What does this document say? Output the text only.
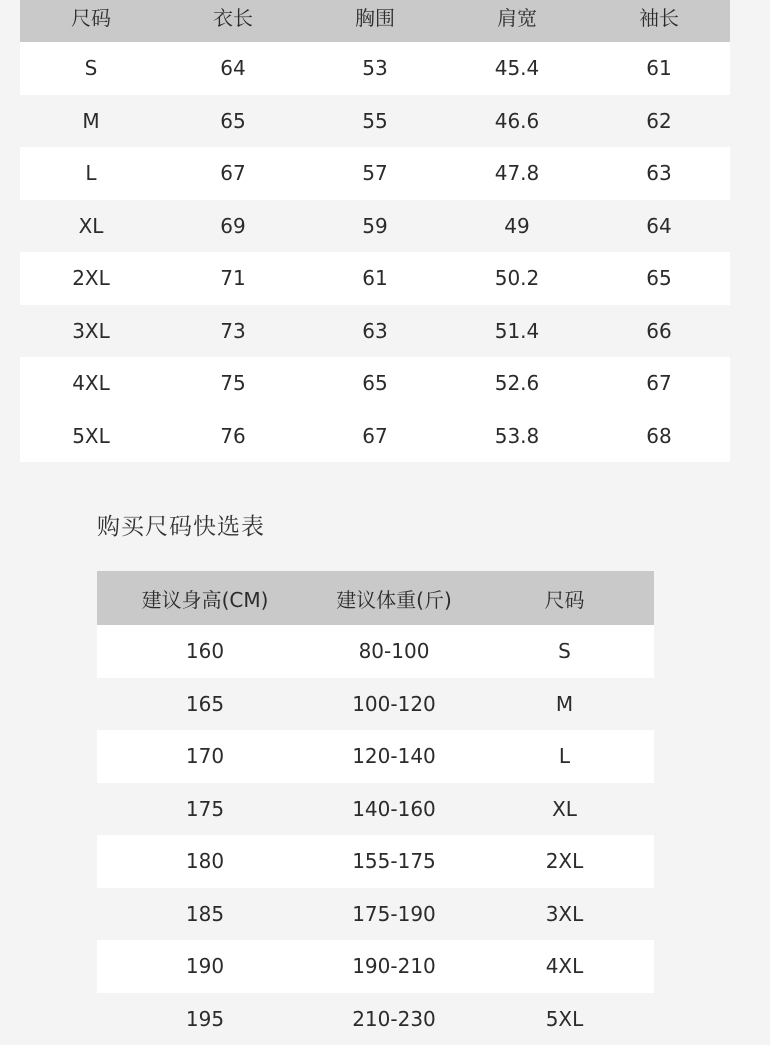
尺码	衣长	胸围	肩宽	袖长
S	64	53	45.4	61
M	65	55	46.6	62
L	67	57	47.8	63
XL	69	59	49	64
2XL	71	61	50.2	65
3XL	73	63	51.4	66
4XL	75	65	52.6	67
5XL	76	67	53.8	68
购买尺码快选表
建议身高(CM)	建议体重(斤)	尺码
160	80-100	S
165	100-120	M
170	120-140	L
175	140-160	XL
180	155-175	2XL
185	175-190	3XL
190	190-210	4XL
195	210-230	5XL
